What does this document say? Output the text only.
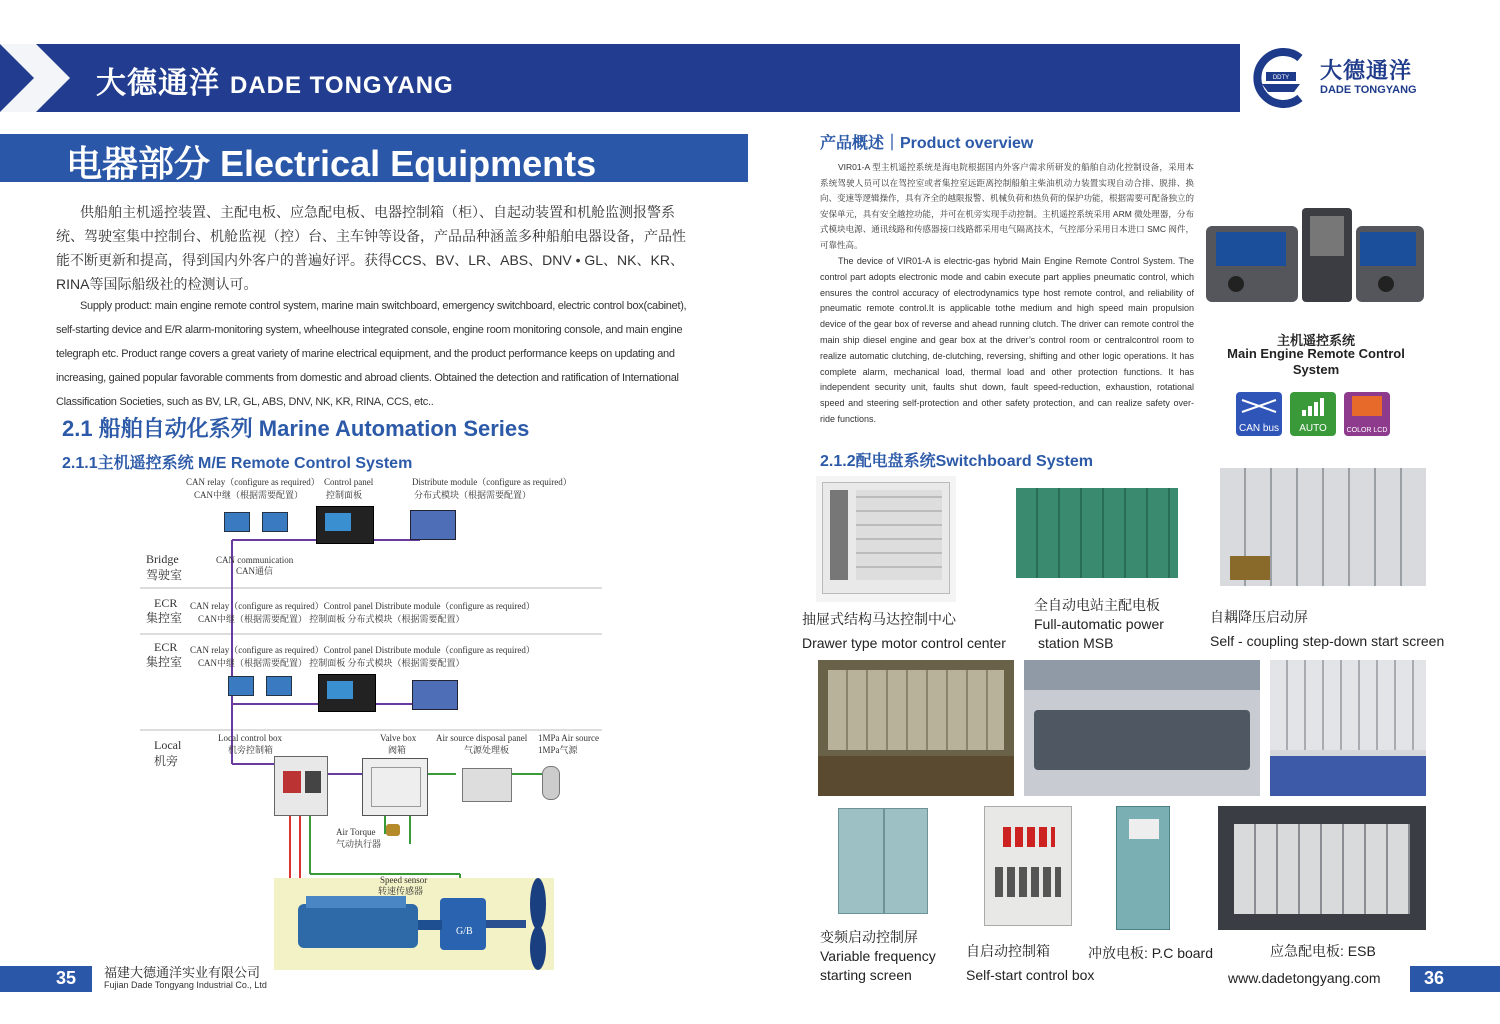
大德通洋 DADE TONGYANG	DDTY 大德通洋
DADE TONGYANG
电器部分 Electrical Equipments

供船舶主机遥控装置、主配电板、应急配电板、电器控制箱（柜）、自起动装置和机舱监测报警系统、驾驶室集中控制台、机舱监视（控）台、主车钟等设备，产品品种涵盖多种船舶电器设备，产品性能不断更新和提高，得到国内外客户的普遍好评。获得CCS、BV、LR、ABS、DNV • GL、NK、KR、RINA等国际船级社的检测认可。

Supply product: main engine remote control system, marine main switchboard, emergency switchboard, electric control box(cabinet), self-starting device and E/R alarm-monitoring system, wheelhouse integrated console, engine room monitoring console, and main engine telegraph etc. Product range covers a great variety of marine electrical equipment, and the product performance keeps on updating and increasing, gained popular favorable comments from domestic and abroad clients. Obtained the detection and ratification of International Classification Societies, such as BV, LR, GL, ABS, DNV, NK, KR, RINA, CCS, etc..

2.1 船舶自动化系列 Marine Automation Series
2.1.1主机遥控系统 M/E Remote Control System
CAN relay（configure as required）
CAN中继（根据需要配置）
Control panel
控制面板
Distribute module（configure as required）
分布式模块（根据需要配置）
Bridge
驾驶室
CAN communication
CAN通信
ECR
集控室
CAN relay（configure as required）Control panel Distribute module（configure as required）
CAN中继（根据需要配置） 控制面板 分布式模块（根据需要配置）
ECR
集控室
CAN relay（configure as required）Control panel Distribute module（configure as required）
CAN中继（根据需要配置） 控制面板 分布式模块（根据需要配置）
Local
机旁
Local control box
机旁控制箱
Valve box
阀箱
Air source disposal panel
气源处理板
1MPa Air source
1MPa气源
Air Torque
气动执行器
Speed sensor
转速传感器
G/B
35 福建大德通洋实业有限公司
Fujian Dade Tongyang Industrial Co., Ltd
产品概述｜Product overview

VIR01-A 型主机遥控系统是海电院根据国内外客户需求所研发的船舶自动化控制设备，采用本系统驾驶人员可以在驾控室或者集控室远距离控制船舶主柴油机动力装置实现自动合排、脱排、换向、变速等逻辑操作，具有齐全的越限报警、机械负荷和热负荷的保护功能，根据需要可配备独立的安保单元，具有安全越控功能，并可在机旁实现手动控制。主机遥控系统采用 ARM 微处理器，分布式模块电源、通讯线路和传感器接口线路都采用电气隔离技术，气控部分采用日本进口 SMC 阀件，可靠性高。

The device of VIR01-A is electric-gas hybrid Main Engine Remote Control System. The control part adopts electronic mode and cabin execute part applies pneumatic control, which ensures the control accuracy of electrodynamics type host remote control, and reliability of pneumatic remote control.It is applicable tothe medium and high speed main propulsion device of the gear box of reverse and ahead running clutch. The driver can remote control the main ship diesel engine and gear box at the driver’s control room or centralcontrol room to realize automatic clutching, de-clutching, reversing, shifting and other logic operations. It has complete alarm, mechanical load, thermal load and other protection functions. It has independent security unit, faults shut down, fault speed-reduction, exhaustion, rotational speed and steering self-protection and other safety protection, and can realize safety over-ride functions.

主机遥控系统
Main Engine Remote Control System
CAN bus	AUTO	COLOR LCD
2.1.2配电盘系统Switchboard System
抽屉式结构马达控制中心
Drawer type motor control center
全自动电站主配电板
Full-automatic power
station MSB
自耦降压启动屏
Self - coupling step-down start screen
变频启动控制屏
Variable frequency
starting screen
自启动控制箱
Self-start control box
冲放电板: P.C board	应急配电板: ESB
www.dadetongyang.com 36
